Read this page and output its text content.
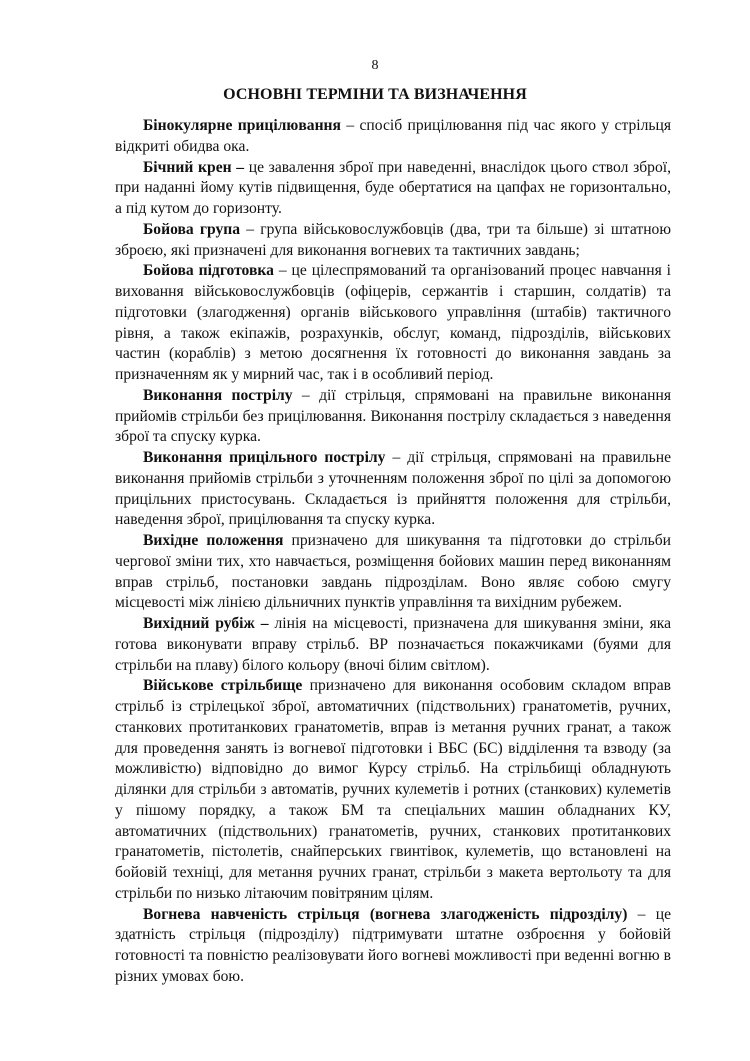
8
ОСНОВНІ ТЕРМІНИ ТА ВИЗНАЧЕННЯ

Бінокулярне прицілювання – спосіб прицілювання під час якого у стрільця відкриті обидва ока.

Бічний крен – це завалення зброї при наведенні, внаслідок цього ствол зброї, при наданні йому кутів підвищення, буде обертатися на цапфах не горизонтально, а під кутом до горизонту.

Бойова група – група військовослужбовців (два, три та більше) зі штатною зброєю, які призначені для виконання вогневих та тактичних завдань;

Бойова підготовка – це цілеспрямований та організований процес навчання і виховання військовослужбовців (офіцерів, сержантів і старшин, солдатів) та підготовки (злагодження) органів військового управління (штабів) тактичного рівня, а також екіпажів, розрахунків, обслуг, команд, підрозділів, військових частин (кораблів) з метою досягнення їх готовності до виконання завдань за призначенням як у мирний час, так і в особливий період.

Виконання пострілу – дії стрільця, спрямовані на правильне виконання прийомів стрільби без прицілювання. Виконання пострілу складається з наведення зброї та спуску курка.

Виконання прицільного пострілу – дії стрільця, спрямовані на правильне виконання прийомів стрільби з уточненням положення зброї по цілі за допомогою прицільних пристосувань. Складається із прийняття положення для стрільби, наведення зброї, прицілювання та спуску курка.

Вихідне положення призначено для шикування та підготовки до стрільби чергової зміни тих, хто навчається, розміщення бойових машин перед виконанням вправ стрільб, постановки завдань підрозділам. Воно являє собою смугу місцевості між лінією дільничних пунктів управління та вихідним рубежем.

Вихідний рубіж – лінія на місцевості, призначена для шикування зміни, яка готова виконувати вправу стрільб. ВР позначається покажчиками (буями для стрільби на плаву) білого кольору (вночі білим світлом).

Військове стрільбище призначено для виконання особовим складом вправ стрільб із стрілецької зброї, автоматичних (підствольних) гранатометів, ручних, станкових протитанкових гранатометів, вправ із метання ручних гранат, а також для проведення занять із вогневої підготовки і ВБС (БС) відділення та взводу (за можливістю) відповідно до вимог Курсу стрільб. На стрільбищі обладнують ділянки для стрільби з автоматів, ручних кулеметів і ротних (станкових) кулеметів у пішому порядку, а також БМ та спеціальних машин обладнаних КУ, автоматичних (підствольних) гранатометів, ручних, станкових протитанкових гранатометів, пістолетів, снайперських гвинтівок, кулеметів, що встановлені на бойовій техніці, для метання ручних гранат, стрільби з макета вертольоту та для стрільби по низько літаючим повітряним цілям.

Вогнева навченість стрільця (вогнева злагодженість підрозділу) – це здатність стрільця (підрозділу) підтримувати штатне озброєння у бойовій готовності та повністю реалізовувати його вогневі можливості при веденні вогню в різних умовах бою.
